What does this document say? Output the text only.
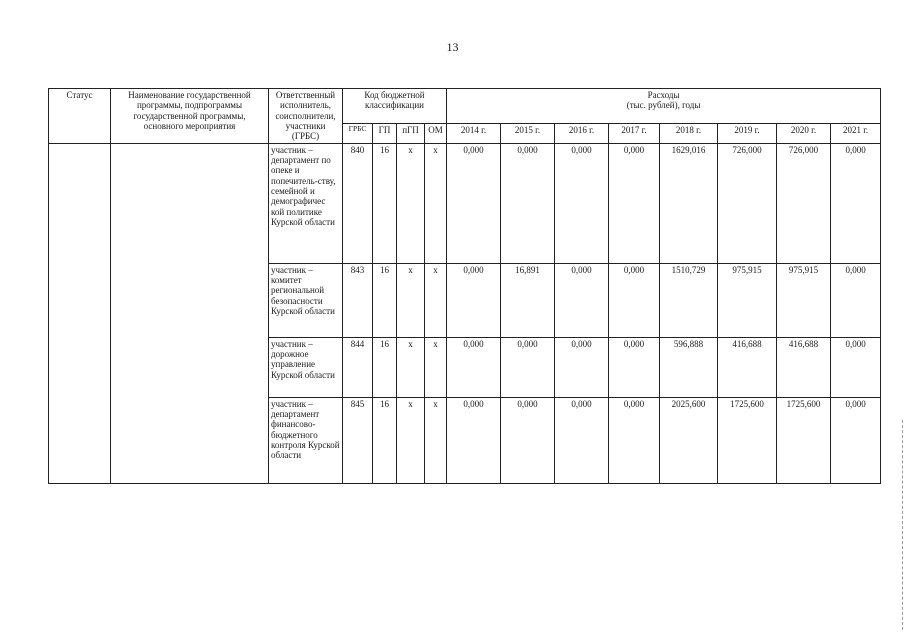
13
Статус	Наименование государственной программы, подпрограммы государственной программы, основного мероприятия	Ответственный исполнитель, соисполнители, участники (ГРБС)	Код бюджетной классификации				Расходы
(тыс. рублей), годы							

			ГРБС	ГП	пГП	ОМ	2014 г.	2015 г.	2016 г.	2017 г.	2018 г.	2019 г.	2020 г.	2021 г.
		участник – департамент по опеке и попечитель-ству, семейной и демографичес кой политике Курской области	840	16	х	х	0,000	0,000	0,000	0,000	1629,016	726,000	726,000	0,000
		участник – комитет региональной безопасности Курской области	843	16	х	х	0,000	16,891	0,000	0,000	1510,729	975,915	975,915	0,000
		участник – дорожное управление Курской области	844	16	х	х	0,000	0,000	0,000	0,000	596,888	416,688	416,688	0,000
		участник – департамент финансово-бюджетного контроля Курской области	845	16	х	х	0,000	0,000	0,000	0,000	2025,600	1725,600	1725,600	0,000
